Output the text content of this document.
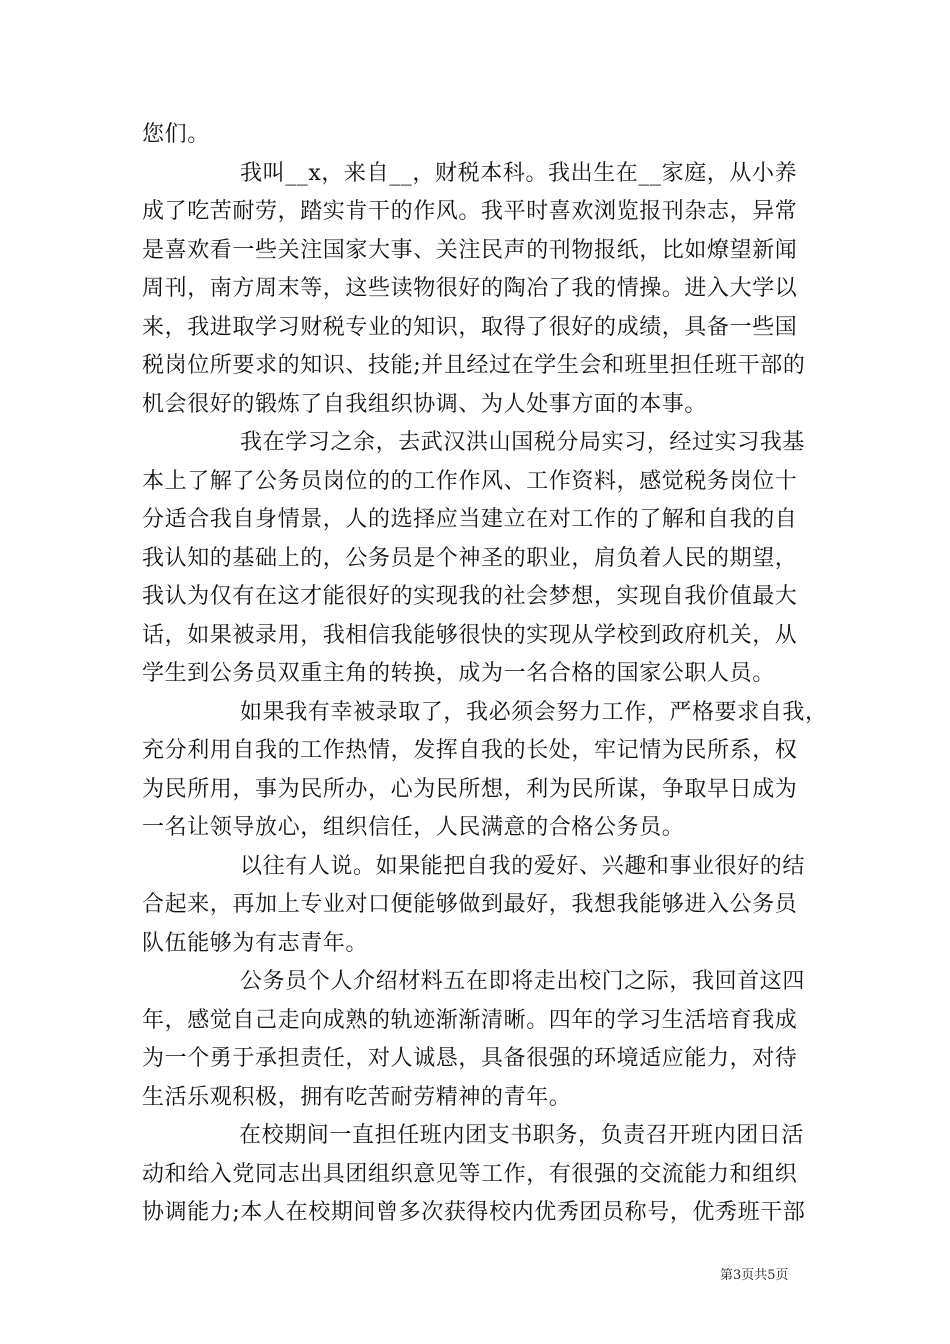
您们。
我叫__x，来自__，财税本科。我出生在__家庭，从小养
成了吃苦耐劳，踏实肯干的作风。我平时喜欢浏览报刊杂志，异常
是喜欢看一些关注国家大事、关注民声的刊物报纸，比如燎望新闻
周刊，南方周末等，这些读物很好的陶冶了我的情操。进入大学以
来，我进取学习财税专业的知识，取得了很好的成绩，具备一些国
税岗位所要求的知识、技能;并且经过在学生会和班里担任班干部的
机会很好的锻炼了自我组织协调、为人处事方面的本事。
我在学习之余，去武汉洪山国税分局实习，经过实习我基
本上了解了公务员岗位的的工作作风、工作资料，感觉税务岗位十
分适合我自身情景，人的选择应当建立在对工作的了解和自我的自
我认知的基础上的，公务员是个神圣的职业，肩负着人民的期望，
我认为仅有在这才能很好的实现我的社会梦想，实现自我价值最大
话，如果被录用，我相信我能够很快的实现从学校到政府机关，从
学生到公务员双重主角的转换，成为一名合格的国家公职人员。
如果我有幸被录取了，我必须会努力工作，严格要求自我，
充分利用自我的工作热情，发挥自我的长处，牢记情为民所系，权
为民所用，事为民所办，心为民所想，利为民所谋，争取早日成为
一名让领导放心，组织信任，人民满意的合格公务员。
以往有人说。如果能把自我的爱好、兴趣和事业很好的结
合起来，再加上专业对口便能够做到最好，我想我能够进入公务员
队伍能够为有志青年。
公务员个人介绍材料五在即将走出校门之际，我回首这四
年，感觉自己走向成熟的轨迹渐渐清晰。四年的学习生活培育我成
为一个勇于承担责任，对人诚恳，具备很强的环境适应能力，对待
生活乐观积极，拥有吃苦耐劳精神的青年。
在校期间一直担任班内团支书职务，负责召开班内团日活
动和给入党同志出具团组织意见等工作，有很强的交流能力和组织
协调能力;本人在校期间曾多次获得校内优秀团员称号，优秀班干部
第3页共5页
